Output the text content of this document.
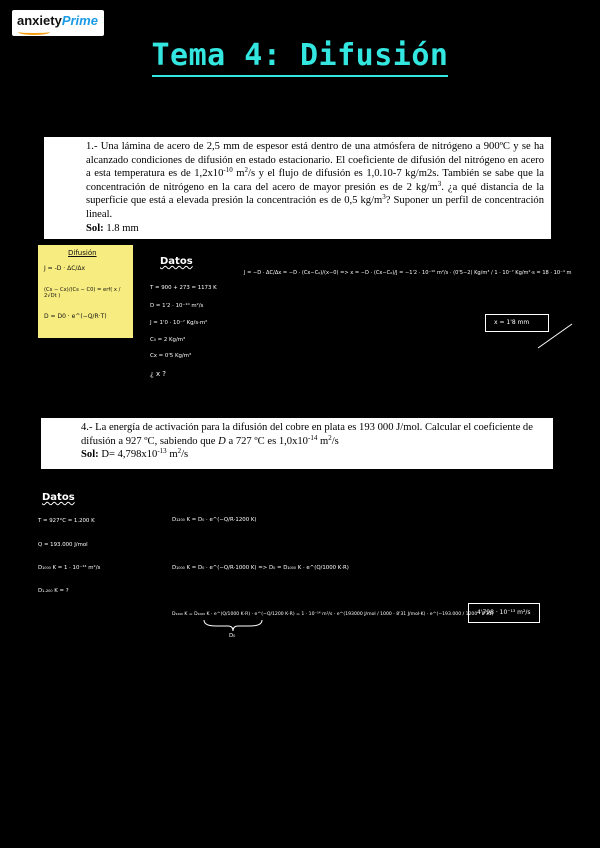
anxietyPrime
Tema 4: Difusión
1.- Una lámina de acero de 2,5 mm de espesor está dentro de una atmósfera de nitrógeno a 900ºC y se ha alcanzado condiciones de difusión en estado estacionario. El coeficiente de difusión del nitrógeno en acero a esta temperatura es de $1,2x10^{-10}$ $m^2/s$ y el flujo de difusión es 1,0.10-7 kg/m2s. También se sabe que la concentración de nitrógeno en la cara del acero de mayor presión es de 2 $kg/m^3$. ¿a qué distancia de la superficie que está a elevada presión la concentración es de 0,5 $kg/m^3$? Suponer un perfil de concentración lineal.
Sol: 1.8 mm
Difusión
J = -D · ΔC/Δx
(Cs − Cx)/(Cs − C0) = erf( x / 2√Dt )
D = D0 · e^(−Q/R·T)
Datos
T = 900 + 273 = 1173 K
D = 1'2 · 10⁻¹⁰ m²/s
J = 1'0 · 10⁻⁷ Kg/s·m²
C₀ = 2 Kg/m³
Cx = 0'5 Kg/m³
¿ x ?
J = −D · ΔC/Δx = −D · (Cx−C₀)/(x−0) => x = −D · (Cx−C₀)/J = −1'2 · 10⁻¹⁰ m²/s · (0'5−2) Kg/m³ / 1 · 10⁻⁷ Kg/m²·s = 18 · 10⁻⁴ m
x = 1'8 mm
4.- La energía de activación para la difusión del cobre en plata es 193 000 J/mol. Calcular el coeficiente de difusión a 927 ºC, sabiendo que D a 727 ºC es $1,0x10^{-14}$ $m^2/s$
Sol: $D= 4,798x10^{-13}$ $m^2/s$
Datos
T = 927°C = 1.200 K
Q = 193.000 J/mol
D₁₀₀₀ K = 1 · 10⁻¹⁴ m²/s
D₁.₂₀₀ K = ?
D₁₂₀₀ K = D₀ · e^(−Q/R·1200 K)
D₁₀₀₀ K = D₀ · e^(−Q/R·1000 K) => D₀ = D₁₀₀₀ K · e^(Q/1000 K·R)
D₁₂₀₀ K = D₁₀₀₀ K · e^(Q/1000 K·R) · e^(−Q/1200 K·R) = 1 · 10⁻¹⁴ m²/s · e^(193000 J/mol / 1000 · 8'31 J/mol·K) · e^(−193.000 / 1200 · 8'31)
D₀
4'798 · 10⁻¹³ m²/s
